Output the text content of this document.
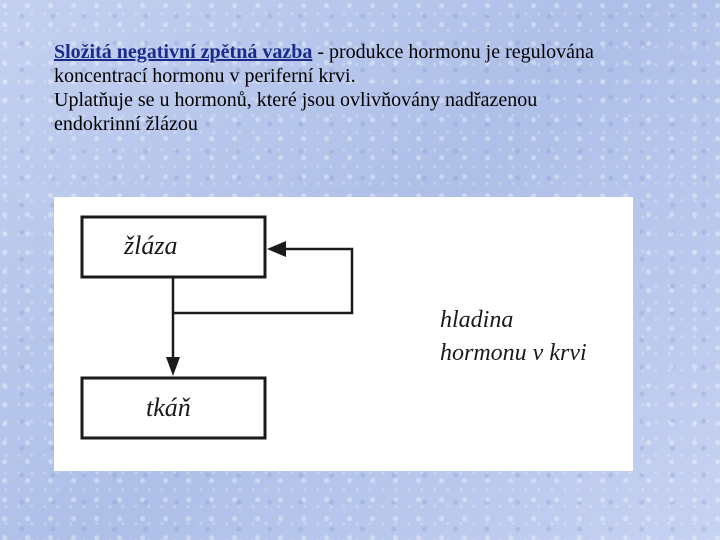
Složitá negativní zpětná vazba - produkce hormonu je regulována

koncentrací hormonu v periferní krvi.

Uplatňuje se u hormonů, které jsou ovlivňovány nadřazenou

endokrinní žlázou

žláza
tkáň
hladina
hormonu v krvi
